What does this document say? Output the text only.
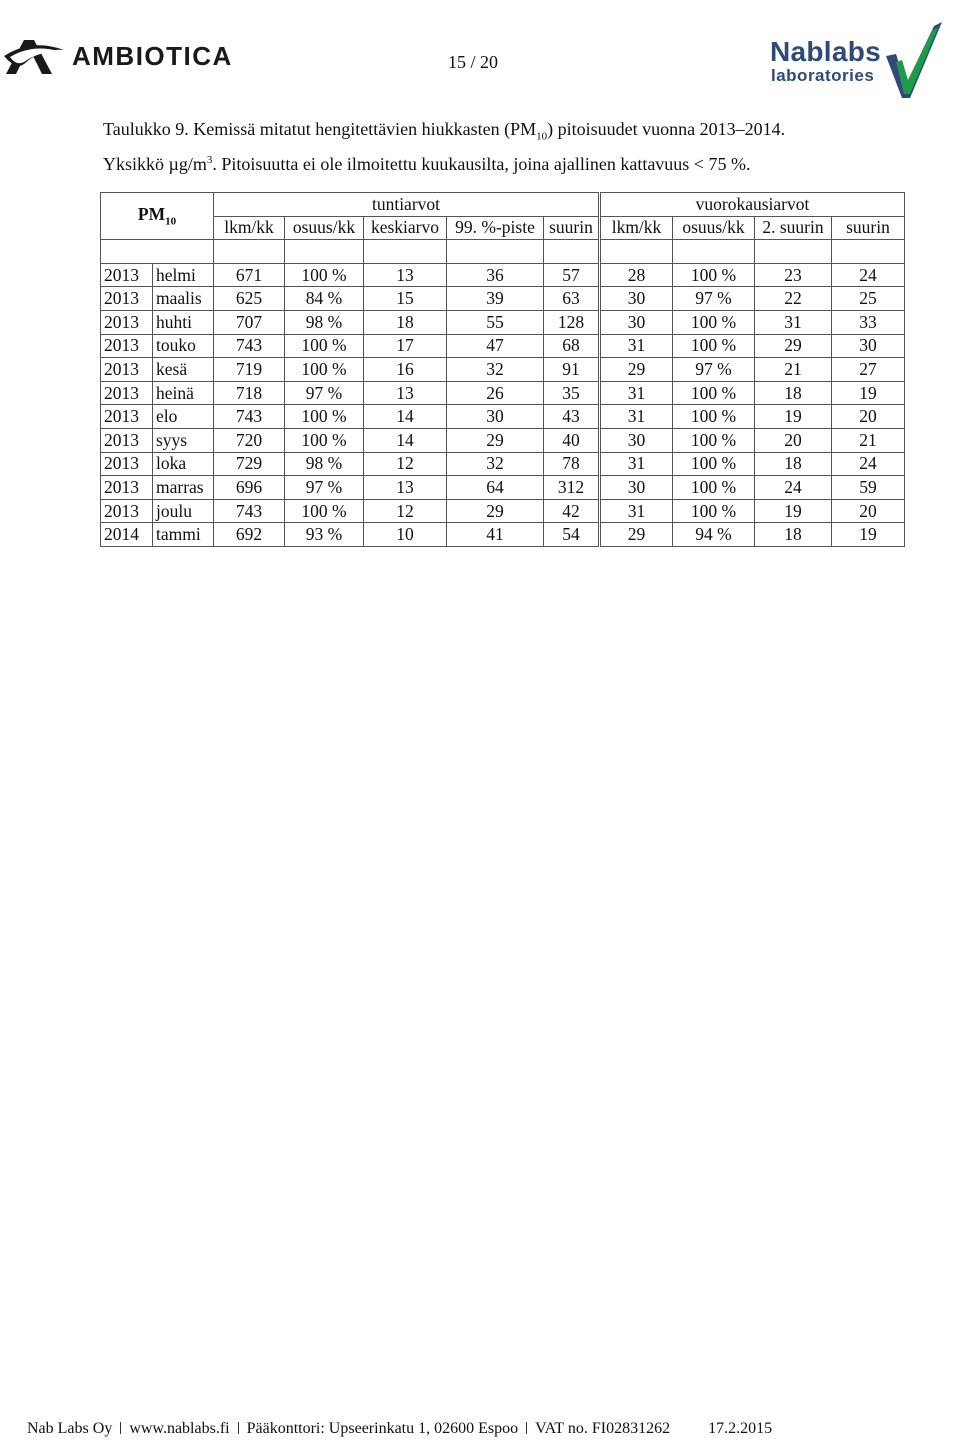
AMBIOTICA	15 / 20	Nablabs
laboratories
Taulukko 9. Kemissä mitatut hengitettävien hiukkasten $(PM_{10})$ pitoisuudet vuonna 2013–2014. Yksikkö $\mu g/m^3$. Pitoisuutta ei ole ilmoitettu kuukausilta, joina ajallinen kattavuus < 75 %.
$PM_{10}$		tuntiarvot					vuorokausiarvot			
		lkm/kk	osuus/kk	keskiarvo	99. %-piste	suurin	lkm/kk	osuus/kk	2. suurin	suurin

2013	helmi	671	100 %	13	36	57	28	100 %	23	24
2013	maalis	625	84 %	15	39	63	30	97 %	22	25
2013	huhti	707	98 %	18	55	128	30	100 %	31	33
2013	touko	743	100 %	17	47	68	31	100 %	29	30
2013	kesä	719	100 %	16	32	91	29	97 %	21	27
2013	heinä	718	97 %	13	26	35	31	100 %	18	19
2013	elo	743	100 %	14	30	43	31	100 %	19	20
2013	syys	720	100 %	14	29	40	30	100 %	20	21
2013	loka	729	98 %	12	32	78	31	100 %	18	24
2013	marras	696	97 %	13	64	312	30	100 %	24	59
2013	joulu	743	100 %	12	29	42	31	100 %	19	20
2014	tammi	692	93 %	10	41	54	29	94 %	18	19
Nab Labs Oy www.nablabs.fi Pääkonttori: Upseerinkatu 1, 02600 Espoo VAT no. FI02831262 17.2.2015
